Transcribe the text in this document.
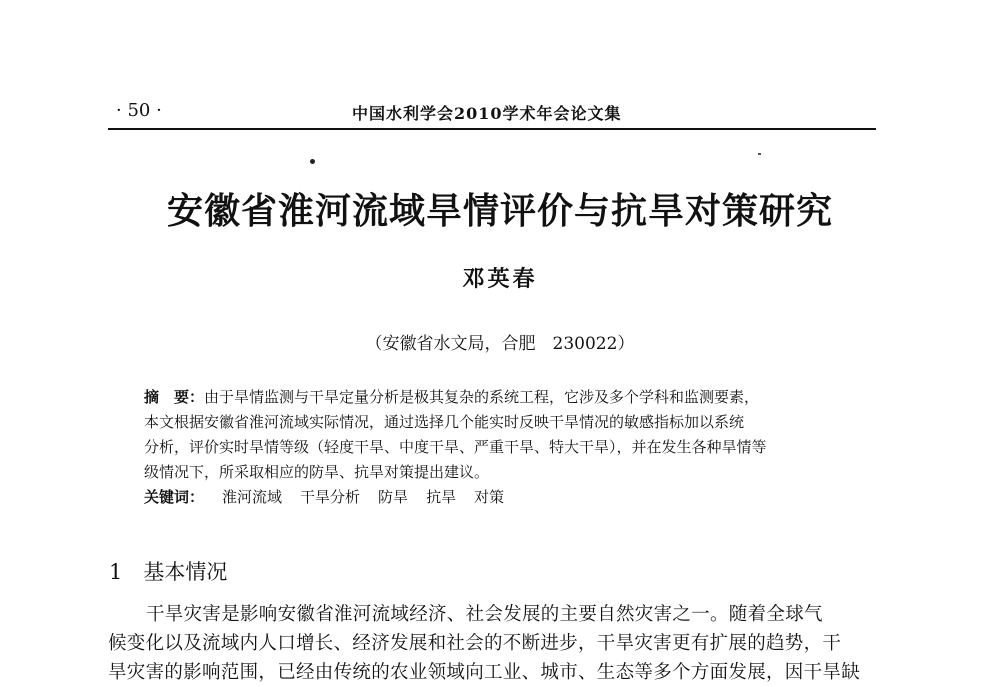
· 50 ·	中国水利学会2010学术年会论文集
安徽省淮河流域旱情评价与抗旱对策研究
邓英春
（安徽省水文局，合肥　230022）
摘　要：由于旱情监测与干旱定量分析是极其复杂的系统工程，它涉及多个学科和监测要素，
本文根据安徽省淮河流域实际情况，通过选择几个能实时反映干旱情况的敏感指标加以系统
分析，评价实时旱情等级（轻度干旱、中度干旱、严重干旱、特大干旱），并在发生各种旱情等
级情况下，所采取相应的防旱、抗旱对策提出建议。
关键词： 淮河流域 干旱分析 防旱 抗旱 对策
1　基本情况
干旱灾害是影响安徽省淮河流域经济、社会发展的主要自然灾害之一。随着全球气
候变化以及流域内人口增长、经济发展和社会的不断进步，干旱灾害更有扩展的趋势，干
旱灾害的影响范围，已经由传统的农业领域向工业、城市、生态等多个方面发展，因干旱缺
